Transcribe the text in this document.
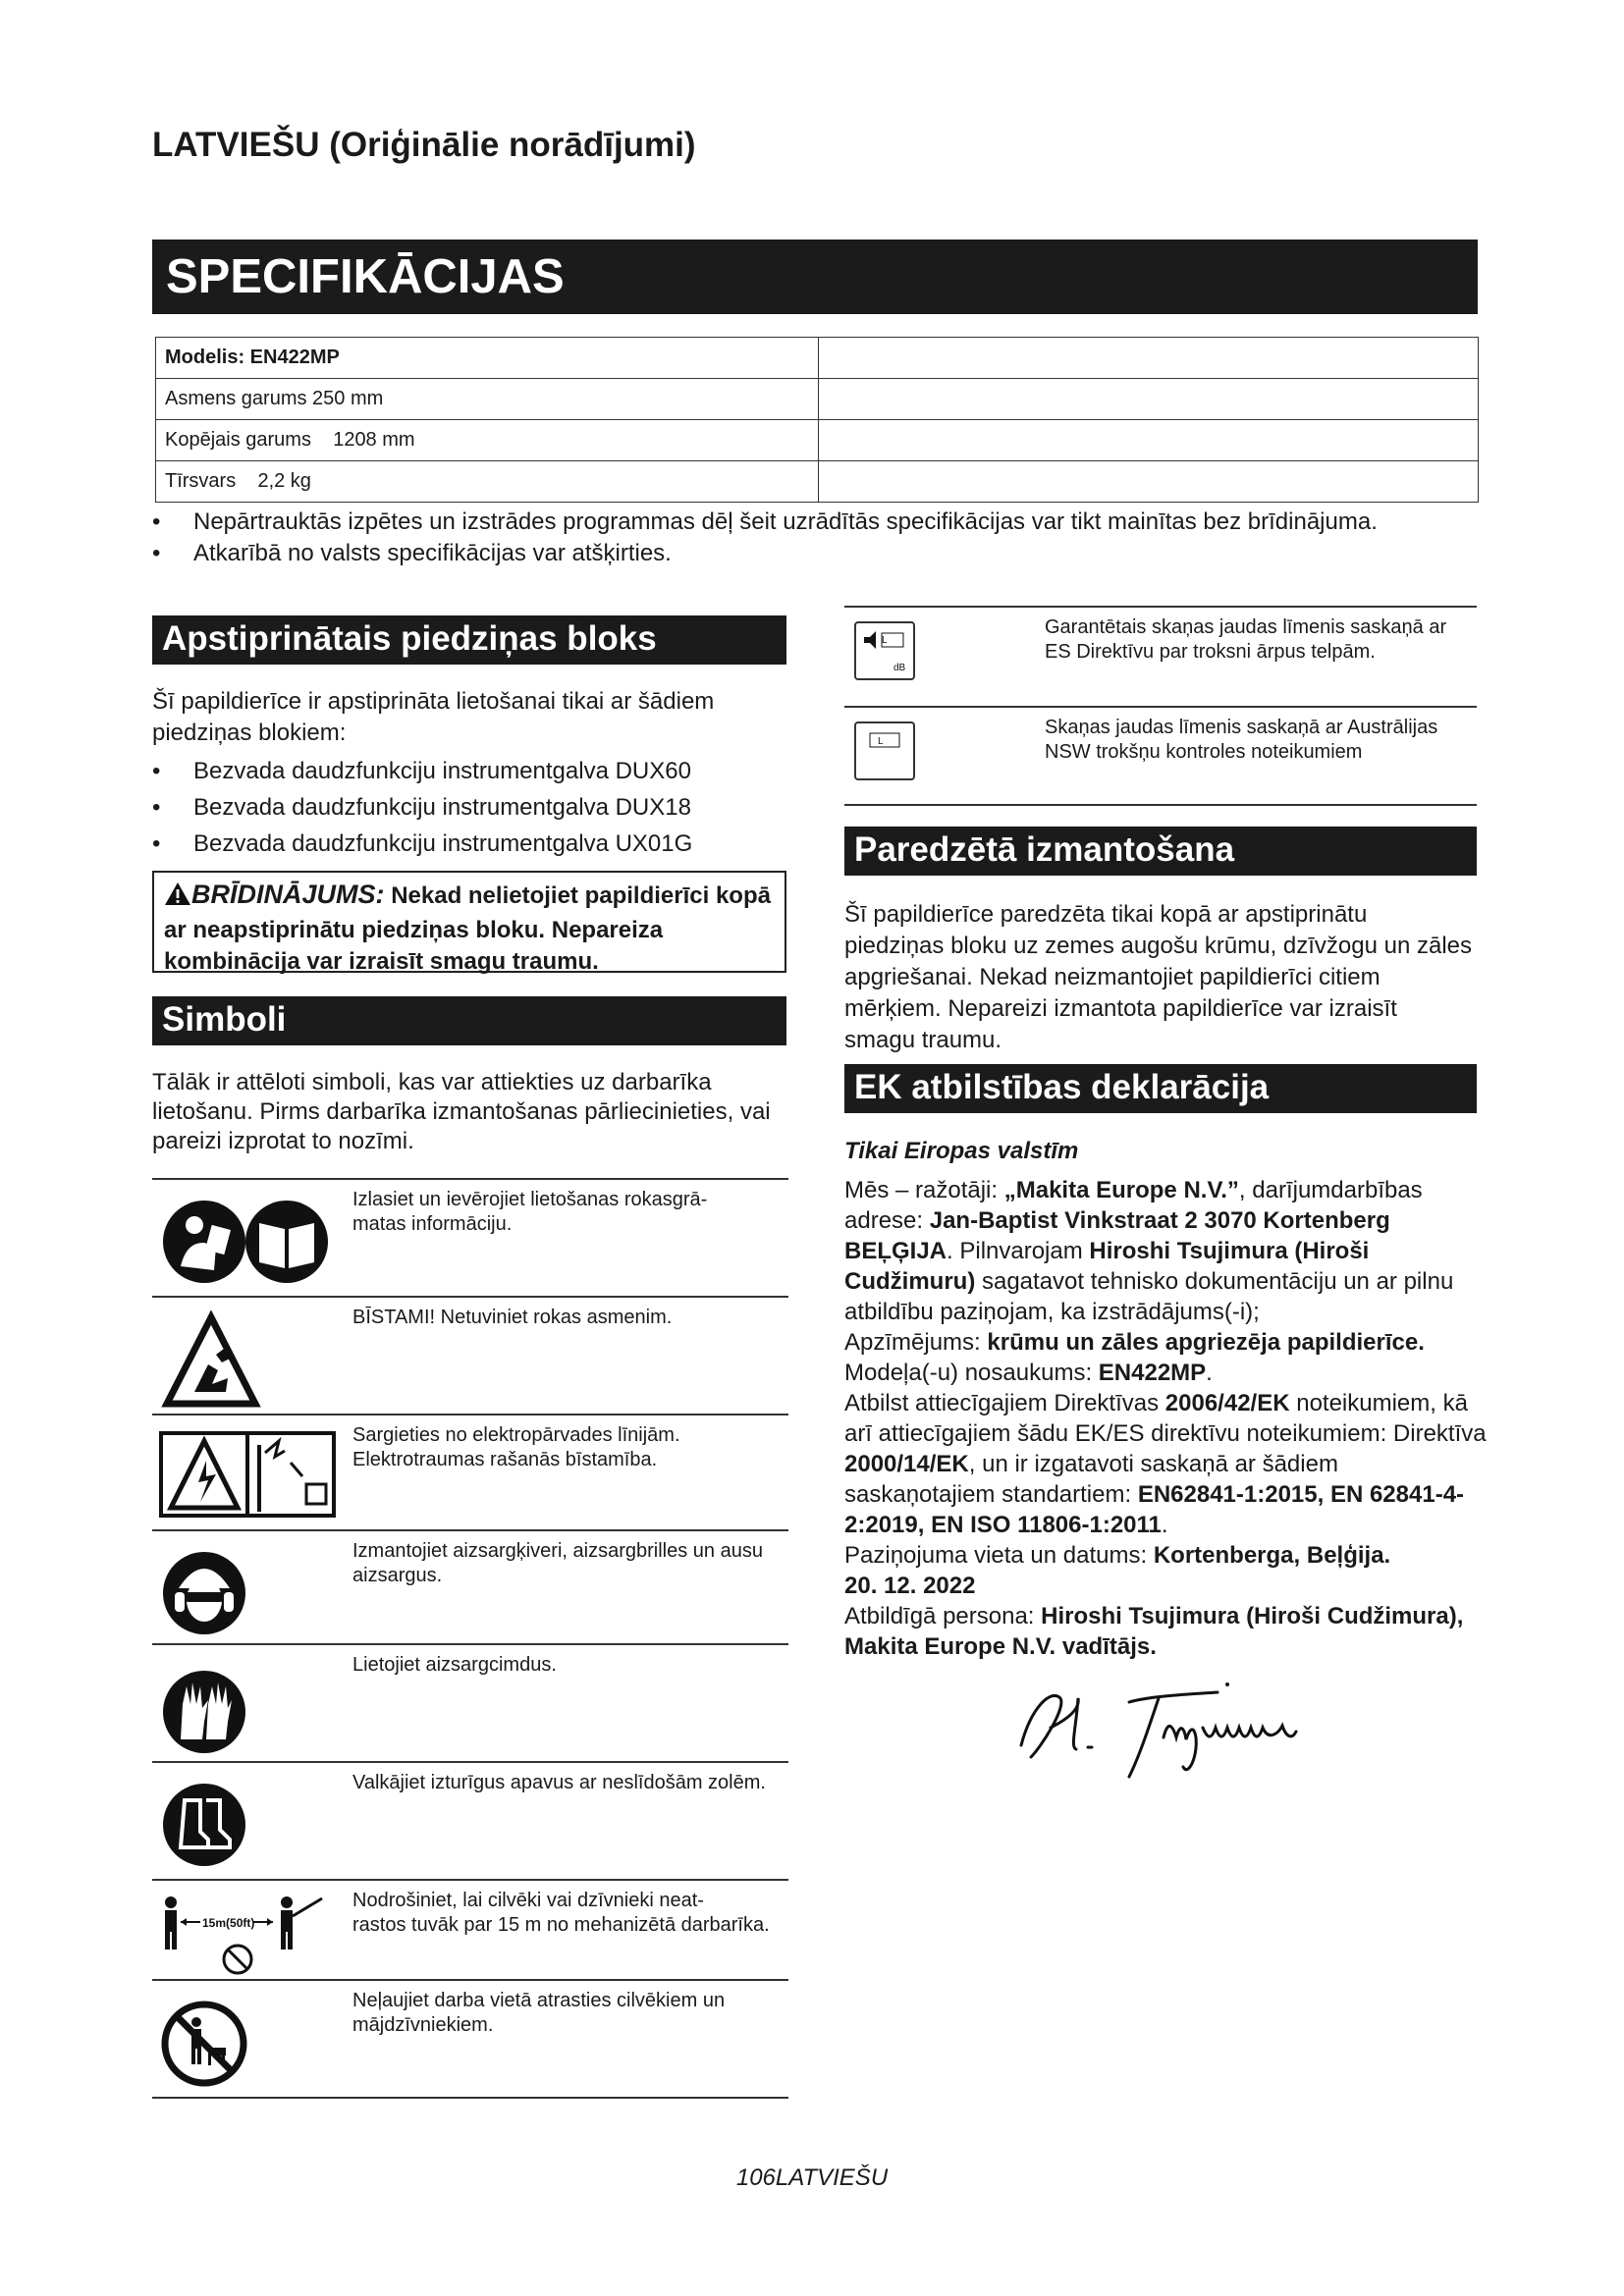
LATVIEŠU (Oriģinālie norādījumi)
SPECIFIKĀCIJAS
Modelis: EN422MP	
Asmens garums 250 mm	
Kopējais garums    1208 mm	
Tīrsvars    2,2 kg	
• Nepārtrauktās izpētes un izstrādes programmas dēļ šeit uzrādītās specifikācijas var tikt mainītas bez brīdinājuma.
• Atkarībā no valsts specifikācijas var atšķirties.
Apstiprinātais piedziņas bloks
Šī papildierīce ir apstiprināta lietošanai tikai ar šādiem piedziņas blokiem:
• Bezvada daudzfunkciju instrumentgalva DUX60
• Bezvada daudzfunkciju instrumentgalva DUX18
• Bezvada daudzfunkciju instrumentgalva UX01G
BRĪDINĀJUMS: Nekad nelietojiet papildierīci kopā ar neapstiprinātu piedziņas bloku. Nepareiza kombinācija var izraisīt smagu traumu.
Simboli
Tālāk ir attēloti simboli, kas var attiekties uz darbarīka lietošanu. Pirms darbarīka izmantošanas pārliecinieties, vai pareizi izprotat to nozīmi.
Izlasiet un ievērojiet lietošanas rokasgrā-
matas informāciju.
BĪSTAMI! Netuviniet rokas asmenim.
Sargieties no elektropārvades līnijām. Elektrotraumas rašanās bīstamība.
Izmantojiet aizsargķiveri, aizsargbrilles un ausu aizsargus.
Lietojiet aizsargcimdus.
Valkājiet izturīgus apavus ar neslīdošām zolēm.
15m(50ft)
Nodrošiniet, lai cilvēki vai dzīvnieki neat-
rastos tuvāk par 15 m no mehanizētā darbarīka.
Neļaujiet darba vietā atrasties cilvēkiem un mājdzīvniekiem.
L
dB
Garantētais skaņas jaudas līmenis saskaņā ar ES Direktīvu par troksni ārpus telpām.
L
Skaņas jaudas līmenis saskaņā ar Austrālijas NSW trokšņu kontroles noteikumiem
Paredzētā izmantošana
Šī papildierīce paredzēta tikai kopā ar apstiprinātu piedziņas bloku uz zemes augošu krūmu, dzīvžogu un zāles apgriešanai. Nekad neizmantojiet papildierīci citiem mērķiem. Nepareizi izmantota papildierīce var izraisīt smagu traumu.
EK atbilstības deklarācija
Tikai Eiropas valstīm
Mēs – ražotāji: „Makita Europe N.V.”, darījumdarbības adrese: Jan-Baptist Vinkstraat 2 3070 Kortenberg BEĻĢIJA. Pilnvarojam Hiroshi Tsujimura (Hiroši Cudžimuru) sagatavot tehnisko dokumentāciju un ar pilnu atbildību paziņojam, ka izstrādājums(-i);
Apzīmējums: krūmu un zāles apgriezēja papildierīce.
Modeļa(-u) nosaukums: EN422MP.
Atbilst attiecīgajiem Direktīvas 2006/42/EK noteikumiem, kā arī attiecīgajiem šādu EK/ES direktīvu noteikumiem: Direktīva 2000/14/EK, un ir izgatavoti saskaņā ar šādiem saskaņotajiem standartiem: EN62841-1:2015, EN 62841-4-2:2019, EN ISO 11806-1:2011.
Paziņojuma vieta un datums: Kortenberga, Beļģija.
20. 12. 2022
Atbildīgā persona: Hiroshi Tsujimura (Hiroši Cudžimura), Makita Europe N.V. vadītājs.
106LATVIEŠU
